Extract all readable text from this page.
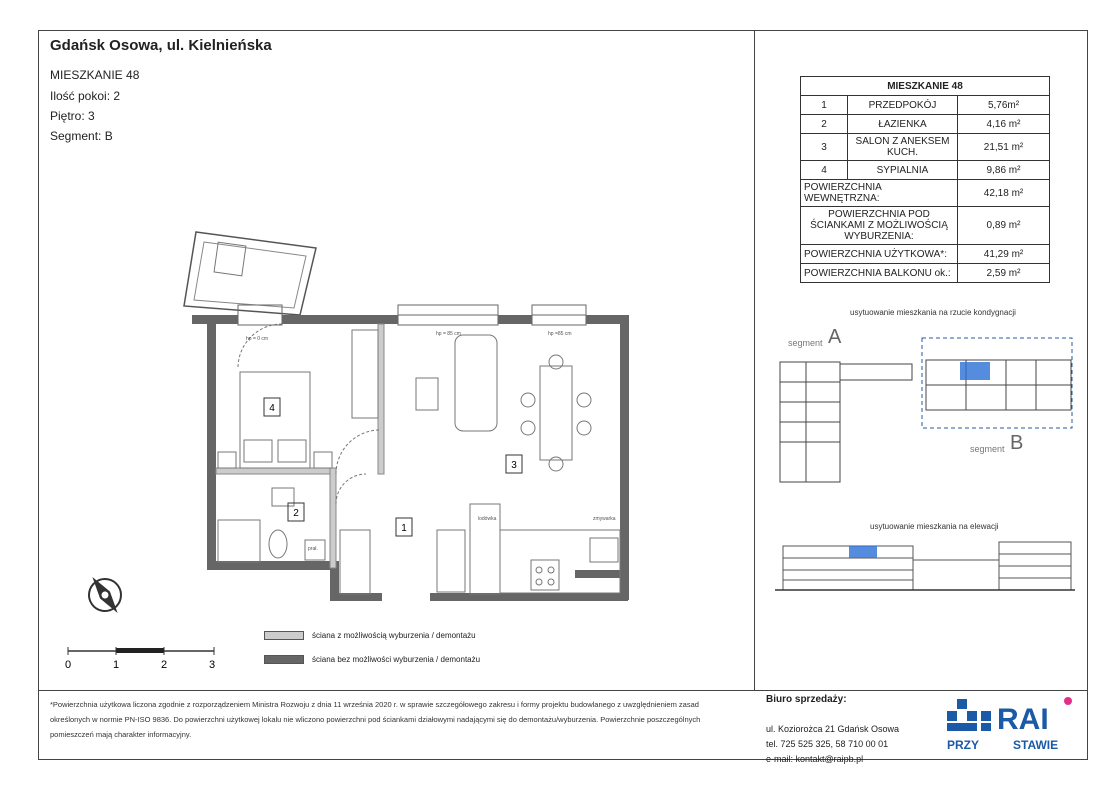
Gdańsk Osowa, ul. Kielnieńska
MIESZKANIE 48
Ilość pokoi: 2
Piętro: 3
Segment: B
MIESZKANIE 48		
1	PRZEDPOKÓJ	5,76m²
2	ŁAZIENKA	4,16 m²
3	SALON Z ANEKSEM KUCH.	21,51 m²
4	SYPIALNIA	9,86 m²
POWIERZCHNIA WEWNĘTRZNA:		42,18 m²
POWIERZCHNIA POD ŚCIANKAMI Z MOŻLIWOŚCIĄ WYBURZENIA:		0,89 m²
POWIERZCHNIA UŻYTKOWA*:		41,29 m²
POWIERZCHNIA BALKONU ok.:		2,59 m²
4
2
3
1
hp = 0 cm
hp = 85 cm	hp =85 cm
lodówka	zmywarka
prał.
0	1	2	3
ściana z możliwością wyburzenia / demontażu
ściana bez możliwości wyburzenia / demontażu
usytuowanie mieszkania na rzucie kondygnacji
segment A
segment B
usytuowanie mieszkania na elewacji
*Powierzchnia użytkowa liczona zgodnie z rozporządzeniem Ministra Rozwoju z dnia 11 września 2020 r. w sprawie szczegółowego zakresu i formy projektu budowlanego z uwzględnieniem zasad określonych w normie PN-ISO 9836. Do powierzchni użytkowej lokalu nie wliczono powierzchni pod ściankami działowymi nadającymi się do demontażu/wyburzenia. Powierzchnie poszczególnych pomieszczeń mają charakter informacyjny.
Biuro sprzedaży:

ul. Koziorożca 21 Gdańsk Osowa
tel. 725 525 325, 58 710 00 01
e-mail: kontakt@raipb.pl
RAI
PRZY	STAWIE
